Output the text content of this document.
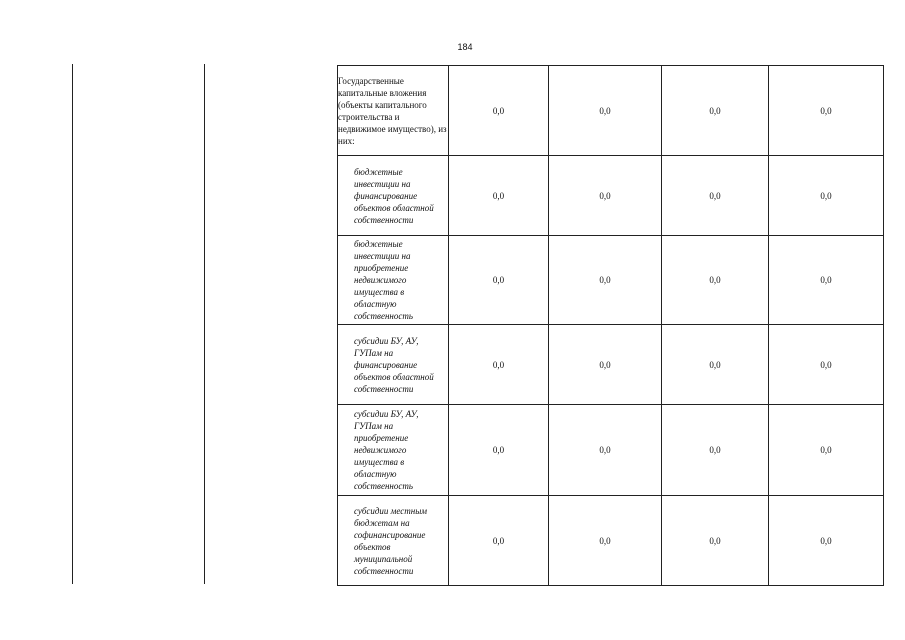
184
Государственные капитальные вложения (объекты капитального строительства и недвижимое имущество), из них:	0,0	0,0	0,0	0,0
бюджетные инвестиции на финансирование объектов областной собственности	0,0	0,0	0,0	0,0
бюджетные инвестиции на приобретение недвижимого имущества в областную собственность	0,0	0,0	0,0	0,0
субсидии БУ, АУ, ГУПам на финансирование объектов областной собственности	0,0	0,0	0,0	0,0
субсидии БУ, АУ, ГУПам на приобретение недвижимого имущества в областную собственность	0,0	0,0	0,0	0,0
субсидии местным бюджетам на софинансирование объектов муниципальной собственности	0,0	0,0	0,0	0,0
